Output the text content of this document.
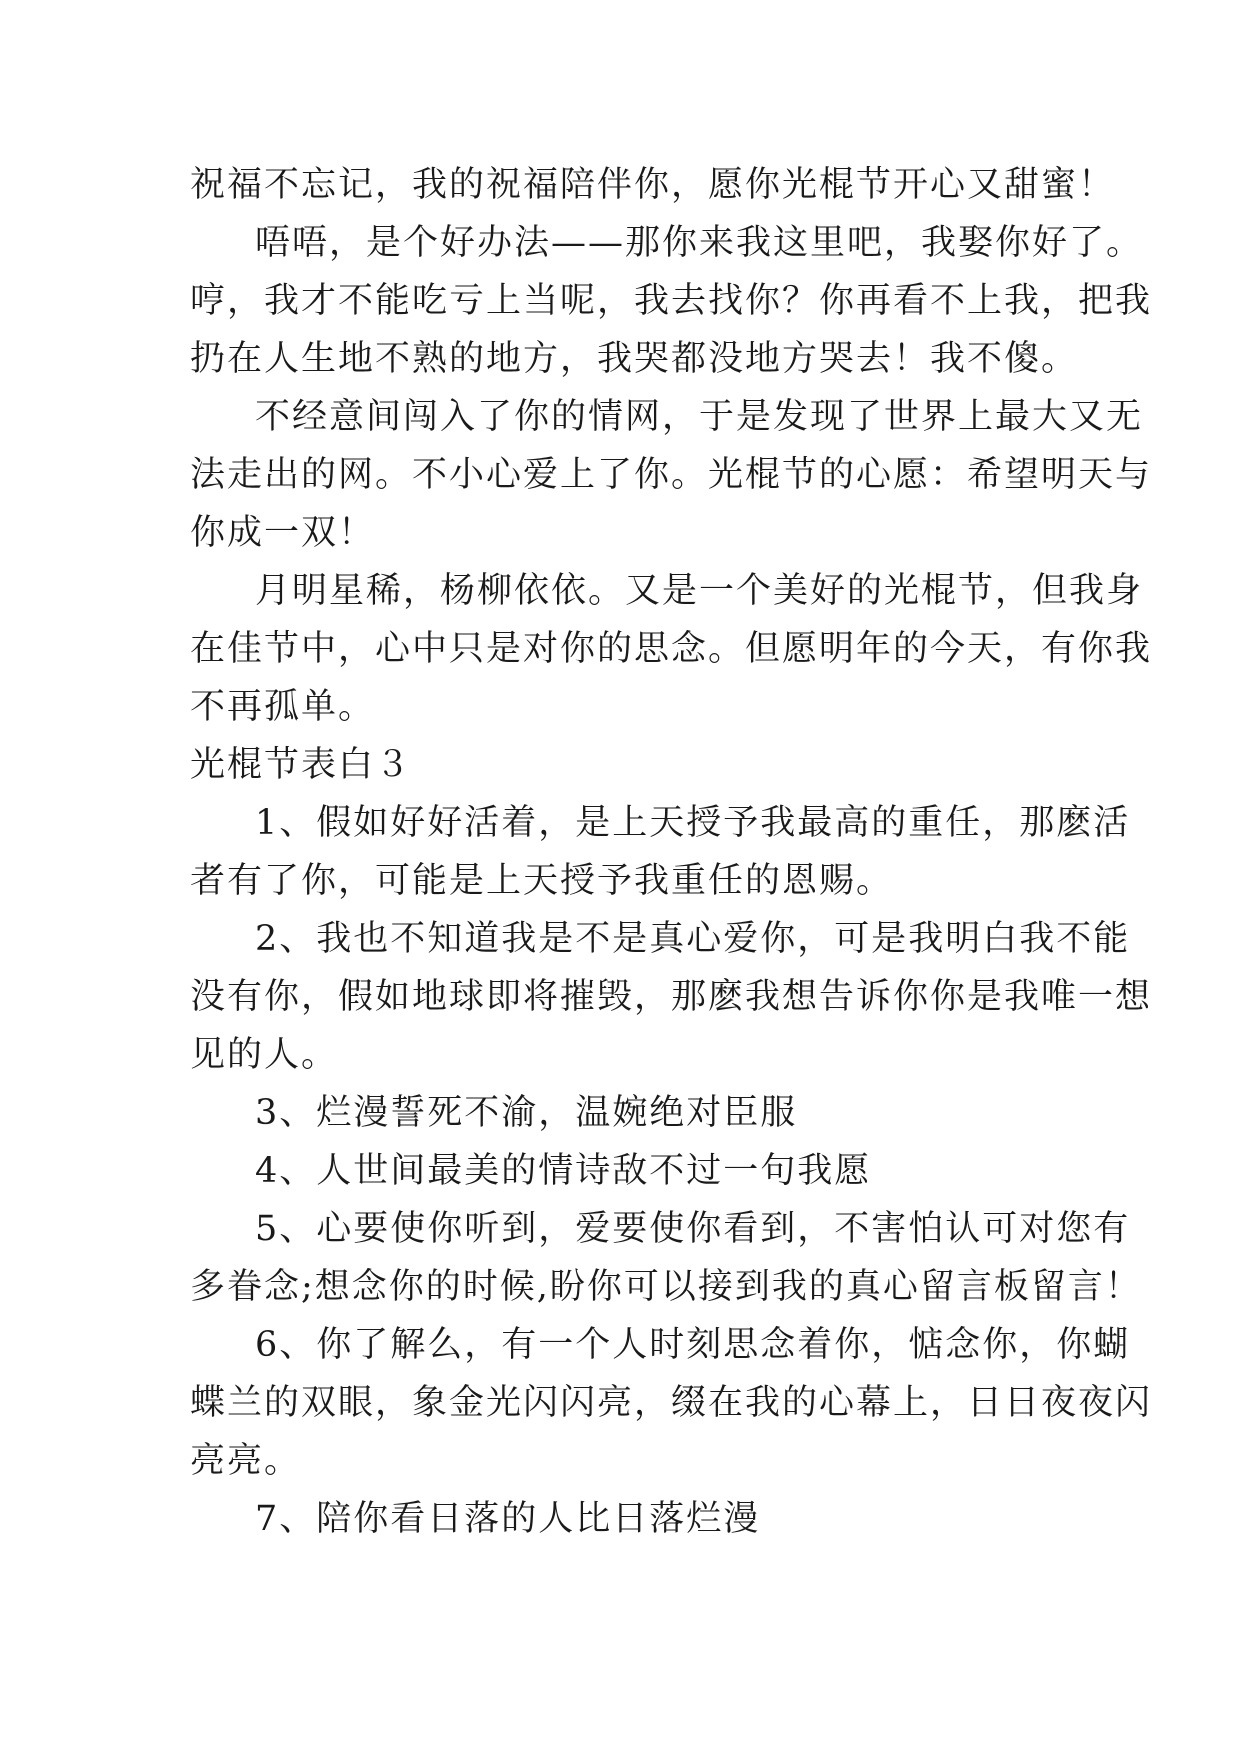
祝福不忘记，我的祝福陪伴你，愿你光棍节开心又甜蜜！
唔唔，是个好办法——那你来我这里吧，我娶你好了。
哼，我才不能吃亏上当呢，我去找你？你再看不上我，把我
扔在人生地不熟的地方，我哭都没地方哭去！我不傻。
不经意间闯入了你的情网，于是发现了世界上最大又无
法走出的网。不小心爱上了你。光棍节的心愿：希望明天与
你成一双！
月明星稀，杨柳依依。又是一个美好的光棍节，但我身
在佳节中，心中只是对你的思念。但愿明年的今天，有你我
不再孤单。
光棍节表白３
1、假如好好活着，是上天授予我最高的重任，那麽活
者有了你，可能是上天授予我重任的恩赐。
2、我也不知道我是不是真心爱你，可是我明白我不能
没有你，假如地球即将摧毁，那麽我想告诉你你是我唯一想
见的人。
3、烂漫誓死不渝，温婉绝对臣服
4、人世间最美的情诗敌不过一句我愿
5、心要使你听到，爱要使你看到，不害怕认可对您有
多眷念;想念你的时候,盼你可以接到我的真心留言板留言！
6、你了解么，有一个人时刻思念着你，惦念你，你蝴
蝶兰的双眼，象金光闪闪亮，缀在我的心幕上，日日夜夜闪
亮亮。
7、陪你看日落的人比日落烂漫
